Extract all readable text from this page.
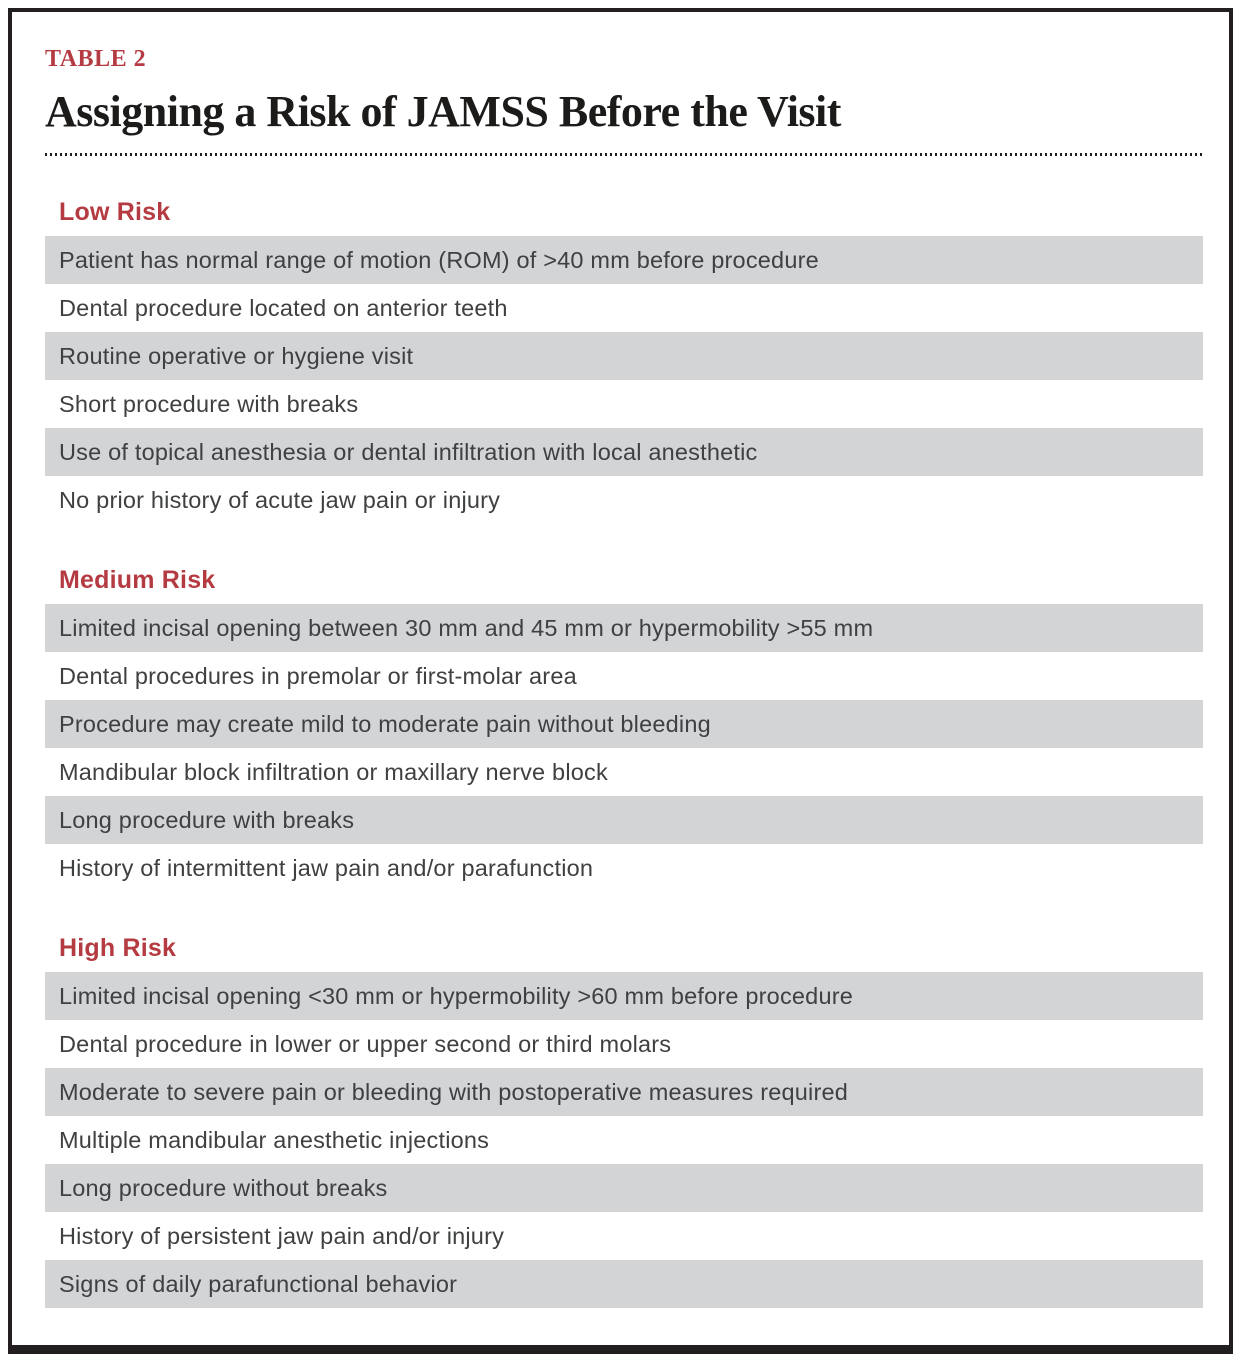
TABLE 2
Assigning a Risk of JAMSS Before the Visit
Low Risk
Patient has normal range of motion (ROM) of >40 mm before procedure
Dental procedure located on anterior teeth
Routine operative or hygiene visit
Short procedure with breaks
Use of topical anesthesia or dental infiltration with local anesthetic
No prior history of acute jaw pain or injury
Medium Risk
Limited incisal opening between 30 mm and 45 mm or hypermobility >55 mm
Dental procedures in premolar or first-molar area
Procedure may create mild to moderate pain without bleeding
Mandibular block infiltration or maxillary nerve block
Long procedure with breaks
History of intermittent jaw pain and/or parafunction
High Risk
Limited incisal opening <30 mm or hypermobility >60 mm before procedure
Dental procedure in lower or upper second or third molars
Moderate to severe pain or bleeding with postoperative measures required
Multiple mandibular anesthetic injections
Long procedure without breaks
History of persistent jaw pain and/or injury
Signs of daily parafunctional behavior
